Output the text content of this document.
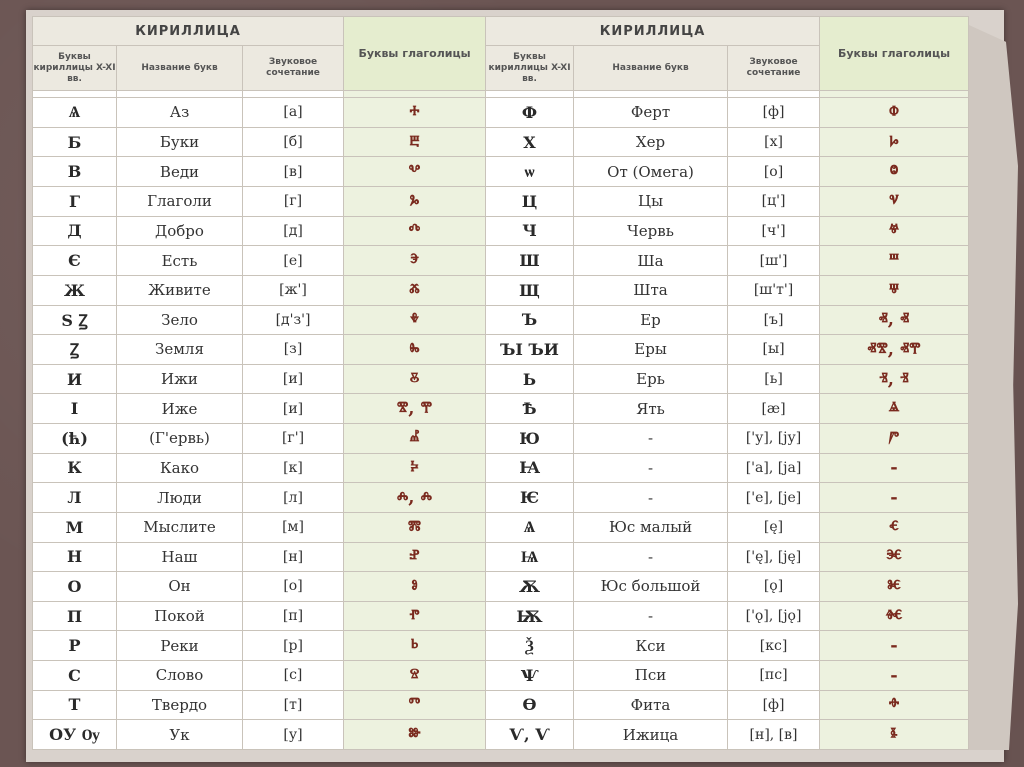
КИРИЛЛИЦА			Буквы глаголицы	КИРИЛЛИЦА			Буквы глаголицы
Буквы кириллицы X-XI вв.	Название букв	Звуковое сочетание		Буквы кириллицы X-XI вв.	Название букв	Звуковое сочетание	

Ѧ	Аз	[а]	ⰰ	Ф	Ферт	[ф]	ⱇ
Б	Буки	[б]	ⰱ	Х	Хер	[х]	ⱈ
В	Веди	[в]	ⰲ	ѡ	От (Омега)	[о]	ⱉ
Г	Глаголи	[г]	ⰳ	Ц	Цы	[ц']	ⱌ
Д	Добро	[д]	ⰴ	Ч	Червь	[ч']	ⱍ
Є	Есть	[е]	ⰵ	Ш	Ша	[ш']	ⱎ
Ж	Живите	[ж']	ⰶ	Щ	Шта	[ш'т']	ⱋ
Ѕ Ꙁ	Зело	[д'з']	ⰷ	Ъ	Ер	[ъ]	ⱏ, ⱏ
Ꙁ	Земля	[з]	ⰸ	ЪІ ЪИ	Еры	[ы]	ⱏⰺ, ⱏⰹ
И	Ижи	[и]	ⰻ	Ь	Ерь	[ь]	ⱐ, ⱐ
І	Иже	[и]	ⰺ, ⰹ	Ѣ	Ять	[æ]	ⱑ
(ћ)	(Г'ервь)	[г']	ⰼ	Ю	-	['у], [jу]	ⱓ
К	Како	[к]	ⰽ	Ꙗ	-	['а], [jа]	-
Л	Люди	[л]	ⰾ, ⰾ	Ѥ	-	['е], [jе]	-
М	Мыслите	[м]	ⰿ	Ѧ	Юс малый	[ę]	ⱔ
Н	Наш	[н]	ⱀ	Ѩ	-	['ę], [ję]	ⱗ
О	Он	[о]	ⱁ	Ѫ	Юс большой	[ǫ]	ⱘ
П	Покой	[п]	ⱂ	Ѭ	-	['ǫ], [jǫ]	ⱙ
Р	Реки	[р]	ⱃ	Ѯ	Кси	[кс]	-
С	Слово	[с]	ⱄ	Ѱ	Пси	[пс]	-
Т	Твердо	[т]	ⱅ	Ѳ	Фита	[ф]	ⱚ
ОУ Ѹ	Ук	[у]	ⱆ	Ѵ, Ѵ	Ижица	[н], [в]	ⱛ
